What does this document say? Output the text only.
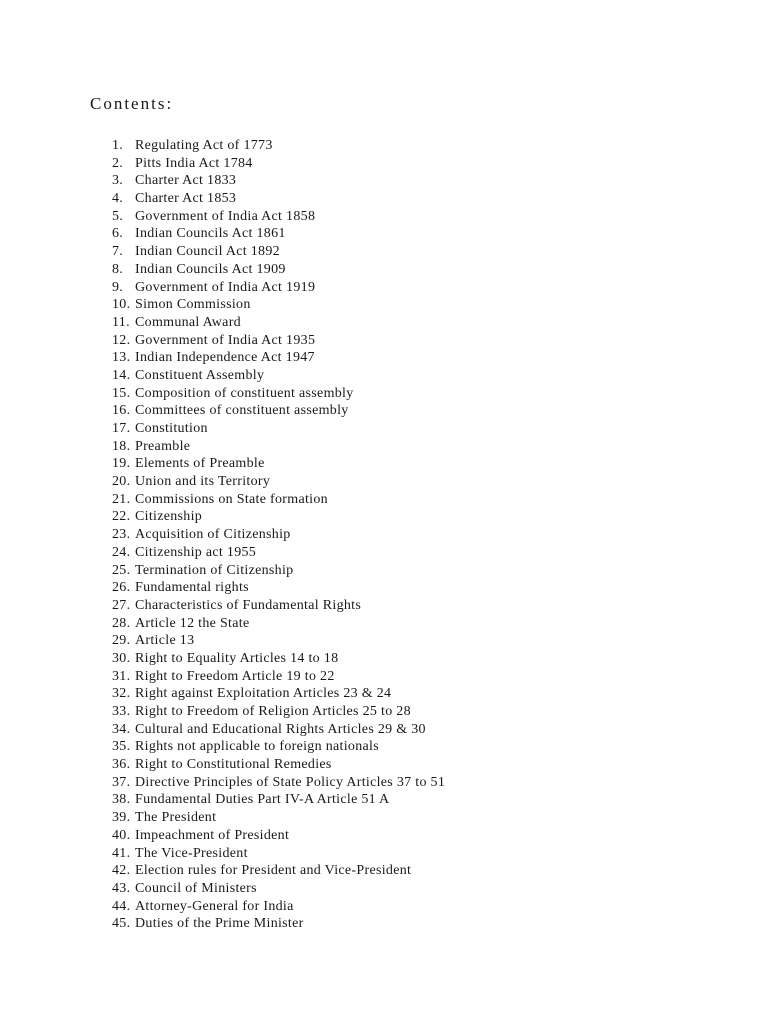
Contents:
1. Regulating Act of 1773
2. Pitts India Act 1784
3. Charter Act 1833
4. Charter Act 1853
5. Government of India Act 1858
6. Indian Councils Act 1861
7. Indian Council Act 1892
8. Indian Councils Act 1909
9. Government of India Act 1919
10. Simon Commission
11. Communal Award
12. Government of India Act 1935
13. Indian Independence Act 1947
14. Constituent Assembly
15. Composition of constituent assembly
16. Committees of constituent assembly
17. Constitution
18. Preamble
19. Elements of Preamble
20. Union and its Territory
21. Commissions on State formation
22. Citizenship
23. Acquisition of Citizenship
24. Citizenship act 1955
25. Termination of Citizenship
26. Fundamental rights
27. Characteristics of Fundamental Rights
28. Article 12 the State
29. Article 13
30. Right to Equality Articles 14 to 18
31. Right to Freedom Article 19 to 22
32. Right against Exploitation Articles 23 & 24
33. Right to Freedom of Religion Articles 25 to 28
34. Cultural and Educational Rights Articles 29 & 30
35. Rights not applicable to foreign nationals
36. Right to Constitutional Remedies
37. Directive Principles of State Policy Articles 37 to 51
38. Fundamental Duties Part IV-A Article 51 A
39. The President
40. Impeachment of President
41. The Vice-President
42. Election rules for President and Vice-President
43. Council of Ministers
44. Attorney-General for India
45. Duties of the Prime Minister
